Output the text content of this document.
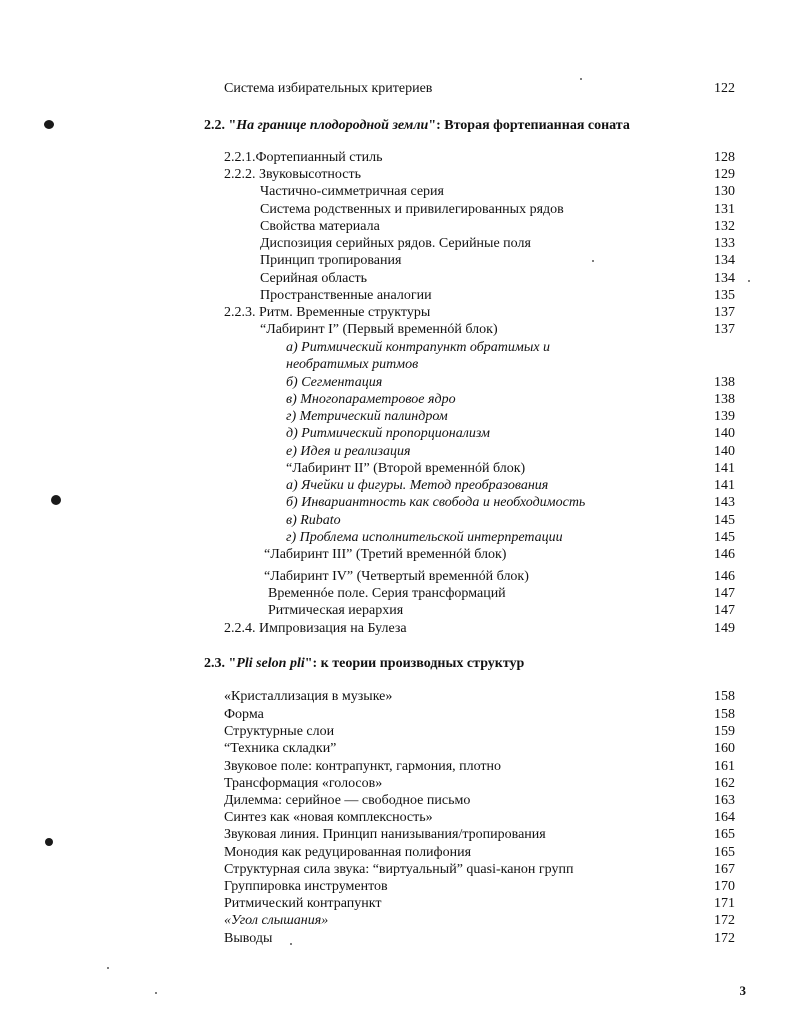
Система избирательных критериев	122
2.2. "На границе плодородной земли": Вторая фортепианная соната
2.2.1.Фортепианный стиль	128
2.2.2. Звуковысотность	129
Частично-симметричная серия	130
Система родственных и привилегированных рядов	131
Свойства материала	132
Диспозиция серийных рядов. Серийные поля	133
Принцип тропирования	134
Серийная область	134
Пространственные аналогии	135
2.2.3. Ритм. Временные структуры	137
“Лабиринт I” (Первый временнóй блок)	137
а) Ритмический контрапункт обратимых и
необратимых ритмов
б) Сегментация	138
в) Многопараметровое ядро	138
г) Метрический палиндром	139
д) Ритмический пропорционализм	140
е) Идея и реализация	140
“Лабиринт II” (Второй временнóй блок)	141
а) Ячейки и фигуры. Метод преобразования	141
б) Инвариантность как свобода и необходимость	143
в) Rubato	145
г) Проблема исполнительской интерпретации	145
“Лабиринт III” (Третий временнóй блок)	146
“Лабиринт IV” (Четвертый временнóй блок)	146
Временнóе поле. Серия трансформаций	147
Ритмическая иерархия	147
2.2.4. Импровизация на Булеза	149
2.3. "Pli selon pli": к теории производных структур
«Кристаллизация в музыке»	158
Форма	158
Структурные слои	159
“Техника складки”	160
Звуковое поле: контрапункт, гармония, плотно	161
Трансформация «голосов»	162
Дилемма: серийное — свободное письмо	163
Синтез как «новая комплексность»	164
Звуковая линия. Принцип нанизывания/тропирования	165
Монодия как редуцированная полифония	165
Структурная сила звука: “виртуальный” quasi-канон групп	167
Группировка инструментов	170
Ритмический контрапункт	171
«Угол слышания»	172
Выводы	172
3
